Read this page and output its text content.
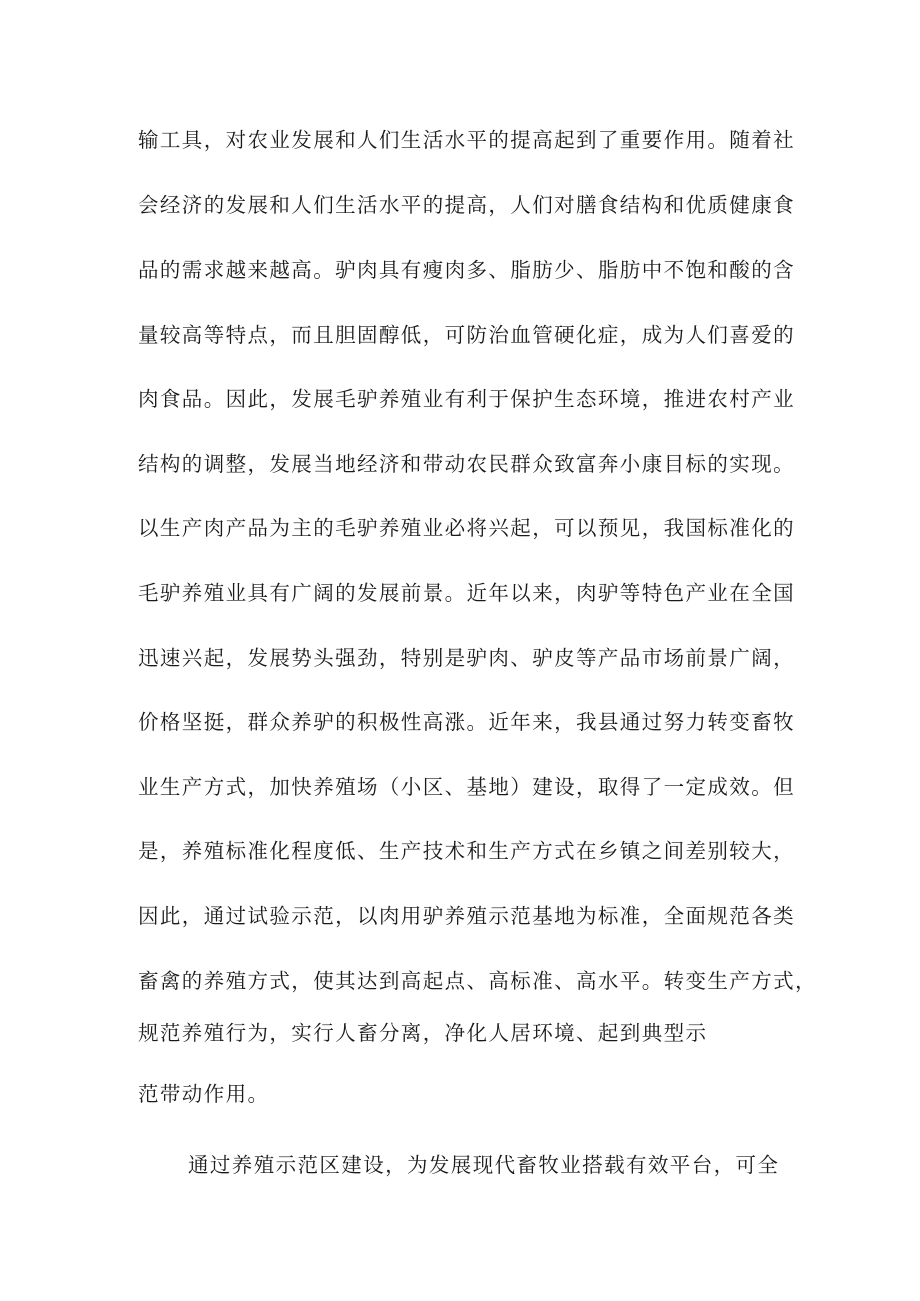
输工具，对农业发展和人们生活水平的提高起到了重要作用。随着社

会经济的发展和人们生活水平的提高，人们对膳食结构和优质健康食

品的需求越来越高。驴肉具有瘦肉多、脂肪少、脂肪中不饱和酸的含

量较高等特点，而且胆固醇低，可防治血管硬化症，成为人们喜爱的

肉食品。因此，发展毛驴养殖业有利于保护生态环境，推进农村产业

结构的调整，发展当地经济和带动农民群众致富奔小康目标的实现。

以生产肉产品为主的毛驴养殖业必将兴起，可以预见，我国标准化的

毛驴养殖业具有广阔的发展前景。近年以来，肉驴等特色产业在全国

迅速兴起，发展势头强劲，特别是驴肉、驴皮等产品市场前景广阔，

价格坚挺，群众养驴的积极性高涨。近年来，我县通过努力转变畜牧

业生产方式，加快养殖场（小区、基地）建设，取得了一定成效。但

是，养殖标准化程度低、生产技术和生产方式在乡镇之间差别较大，

因此，通过试验示范，以肉用驴养殖示范基地为标准，全面规范各类

畜禽的养殖方式，使其达到高起点、高标准、高水平。转变生产方式，

规范养殖行为，实行人畜分离，净化人居环境、起到典型示

范带动作用。

通过养殖示范区建设，为发展现代畜牧业搭载有效平台，可全
